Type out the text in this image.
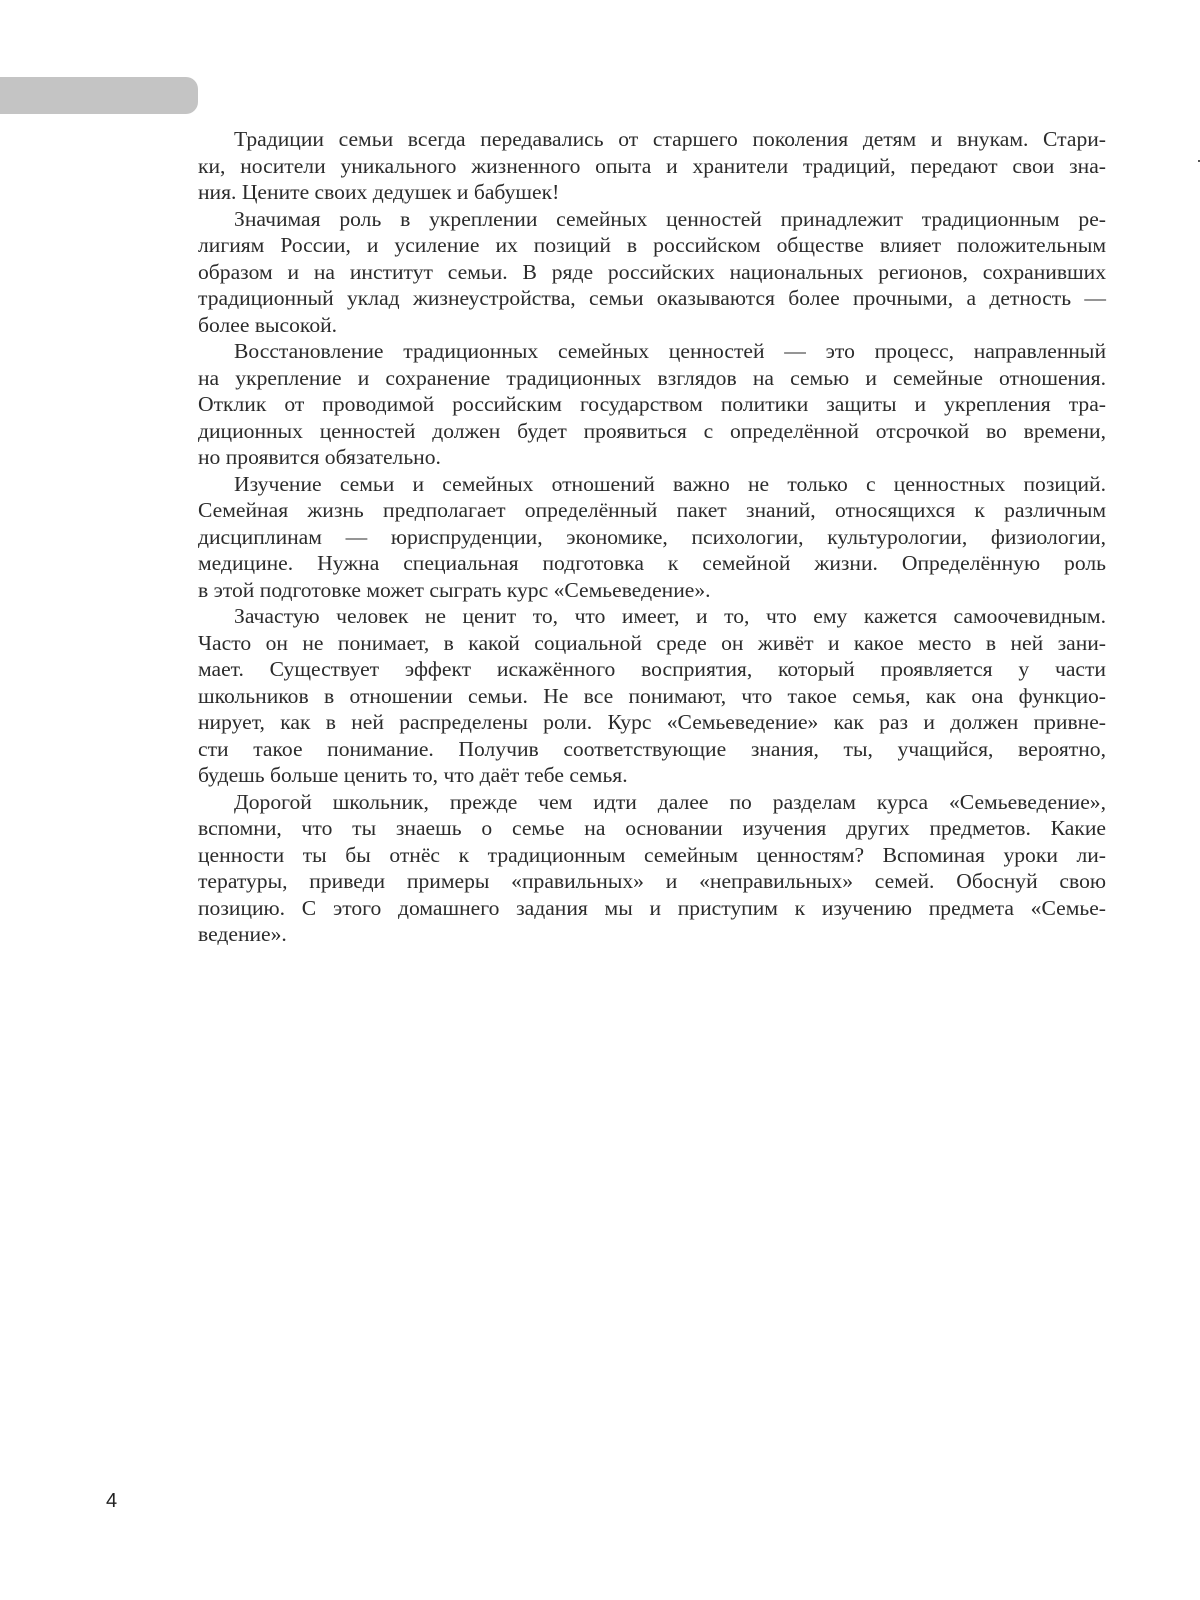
Традиции семьи всегда передавались от старшего поколения детям и внукам. Стари-
ки, носители уникального жизненного опыта и хранители традиций, передают свои зна-
ния. Цените своих дедушек и бабушек!

Значимая роль в укреплении семейных ценностей принадлежит традиционным ре-
лигиям России, и усиление их позиций в российском обществе влияет положительным
образом и на институт семьи. В ряде российских национальных регионов, сохранивших
традиционный уклад жизнеустройства, семьи оказываются более прочными, а детность —
более высокой.

Восстановление традиционных семейных ценностей — это процесс, направленный
на укрепление и сохранение традиционных взглядов на семью и семейные отношения.
Отклик от проводимой российским государством политики защиты и укрепления тра-
диционных ценностей должен будет проявиться с определённой отсрочкой во времени,
но проявится обязательно.

Изучение семьи и семейных отношений важно не только с ценностных позиций.
Семейная жизнь предполагает определённый пакет знаний, относящихся к различным
дисциплинам — юриспруденции, экономике, психологии, культурологии, физиологии,
медицине. Нужна специальная подготовка к семейной жизни. Определённую роль
в этой подготовке может сыграть курс «Семьеведение».

Зачастую человек не ценит то, что имеет, и то, что ему кажется самоочевидным.
Часто он не понимает, в какой социальной среде он живёт и какое место в ней зани-
мает. Существует эффект искажённого восприятия, который проявляется у части
школьников в отношении семьи. Не все понимают, что такое семья, как она функцио-
нирует, как в ней распределены роли. Курс «Семьеведение» как раз и должен привне-
сти такое понимание. Получив соответствующие знания, ты, учащийся, вероятно,
будешь больше ценить то, что даёт тебе семья.

Дорогой школьник, прежде чем идти далее по разделам курса «Семьеведение»,
вспомни, что ты знаешь о семье на основании изучения других предметов. Какие
ценности ты бы отнёс к традиционным семейным ценностям? Вспоминая уроки ли-
тературы, приведи примеры «правильных» и «неправильных» семей. Обоснуй свою
позицию. С этого домашнего задания мы и приступим к изучению предмета «Семье-
ведение».

4
